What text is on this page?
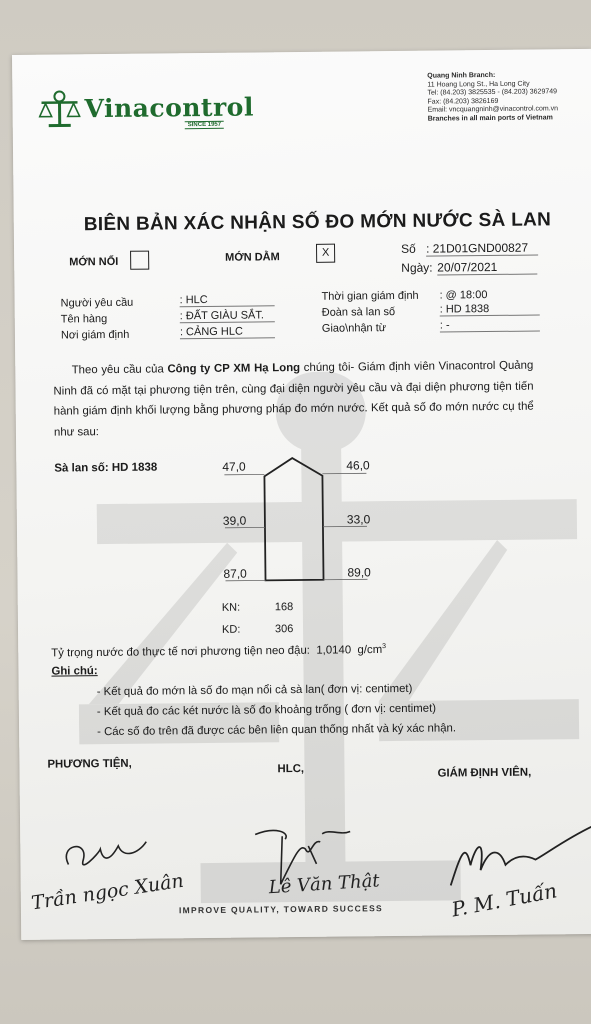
Vinacontrol
SINCE 1957
Quang Ninh Branch:
11 Hoang Long St., Ha Long City
Tel: (84.203) 3825535 - (84.203) 3629749
Fax: (84.203) 3826169
Email: vncquangninh@vinacontrol.com.vn
Branches in all main ports of Vietnam
BIÊN BẢN XÁC NHẬN SỐ ĐO MỚN NƯỚC SÀ LAN
MỚN NỔI	MỚN DẰM	X	Số : 21D01GND00827
Ngày: 20/07/2021
Người yêu cầu	: HLC
Tên hàng	: ĐẤT GIÀU SẮT.
Nơi giám định	: CẢNG HLC
Thời gian giám định : @ 18:00
Đoàn sà lan số	: HD 1838
Giao\nhận từ	: -
Theo yêu cầu của Công ty CP XM Hạ Long chúng tôi- Giám định viên Vinacontrol Quảng Ninh đã có mặt tại phương tiện trên, cùng đại diện người yêu cầu và đại diện phương tiện tiến hành giám định khối lượng bằng phương pháp đo mớn nước. Kết quả số đo mớn nước cụ thể như sau:
Sà lan số: HD 1838	47,0	46,0
39,0	33,0
87,0	89,0
KN:	168
KD:	306
Tỷ trọng nước đo thực tế nơi phương tiện neo đậu: 1,0140 $g/cm^3$
Ghi chú:
- Kết quả đo mớn là số đo mạn nổi cả sà lan( đơn vị: centimet)
- Kết quả đo các két nước là số đo khoảng trống ( đơn vị: centimet)
- Các số đo trên đã được các bên liên quan thống nhất và ký xác nhận.
PHƯƠNG TIỆN,	HLC,	GIÁM ĐỊNH VIÊN,
Trần ngọc Xuân	Lê Văn Thật	P. M. Tuấn
IMPROVE QUALITY, TOWARD SUCCESS
